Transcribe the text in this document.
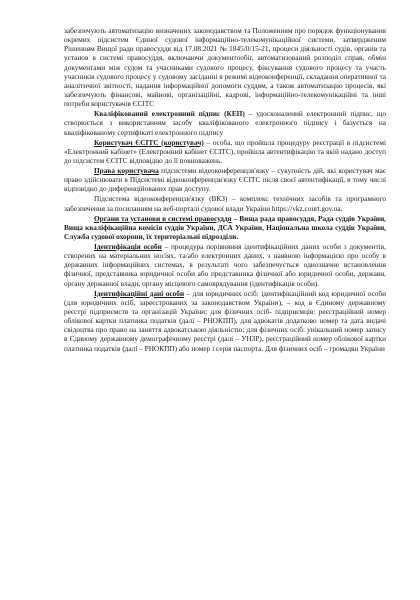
забезпечують автоматизацію визначених законодавством та Положенням про порядок функціонування окремих підсистем Єдиної судової інформаційно-телекомунікаційної системи, затвердженим Рішенням Вищої ради правосуддя від 17.08.2021 № 1845/0/15-21, процеси діяльності судів, органів та установ в системі правосуддя, включаючи документообіг, автоматизований розподіл справ, обмін документами між судом та учасниками судового процесу, фіксування судового процесу та участь учасників судового процесу у судовому засіданні в режимі відеоконференції, складання оперативної та аналітичної звітності, надання інформаційної допомоги суддям, а також автоматизацію процесів, які забезпечують фінансові, майнові, організаційні, кадрові, інформаційно-телекомунікаційні та інші потреби користувачів ЄСІТС

Кваліфікований електронний підпис (КЕП) – удосконалений електронний підпис, що створюється з використанням засобу кваліфікованого електронного підпису і базується на кваліфікованому сертифікаті електронного підпису

Користувач ЄСІТС (користувач) – особа, що пройшла процедуру реєстрації в підсистемі «Електронний кабінет» (Електронний кабінет ЄСІТС), пройшла автентифікацію та якій надано доступ до підсистем ЄСІТС відповідно до її повноважень.

Права користувача підсистеми відеоконференцзв'язку – сукупність дій, які користувач має право здійснювати в Підсистемі відеоконференцзв'язку ЄСІТС після своєї автентифікації, в тому числі відповідно до диференційованих прав доступу.

Підсистема відеоконференцзв'язку (ВКЗ) – комплекс технічних засобів та програмного забезпечення за посиланням на веб-порталі судової влади України https://vkz.court.gov.ua.

Органи та установи в системі правосуддя – Вища рада правосуддя, Рада суддів України, Вища кваліфікаційна комісія суддів України, ДСА України, Національна школа суддів України, Служба судової охорони, їх територіальні підрозділи.

Ідентифікація особи – процедура порівняння ідентифікаційних даних особи з документів, створених на матеріальних носіях, та/або електронних даних, з наявною інформацією про особу в державних інформаційних системах, в результаті чого забезпечується однозначне встановлення фізичної, представника юридичної особи або представника фізичної або юридичної особи, держави, органу державної влади, органу місцевого самоврядування (ідентифікація особи).

Ідентифікаційні дані особи – для юридичних осіб: ідентифікаційний код юридичної особи (для юридичних осіб, зареєстрованих за законодавством України), – код в Єдиному державному реєстрі підприємств та організацій України; для фізичних осіб- підприємців: реєстраційний номер облікової картки платника податків (далі – РНОКПП), для адвокатів додатково номер та дата видачі свідоцтва про право на заняття адвокатською діяльністю; для фізичних осіб: унікальний номер запису в Єдиному державному демографічному реєстрі (далі – УНЗР), реєстраційний номер облікової картки платника податків (далі – РНОКПП) або номер і серія паспорта. Для фізичних осіб – громадян України
